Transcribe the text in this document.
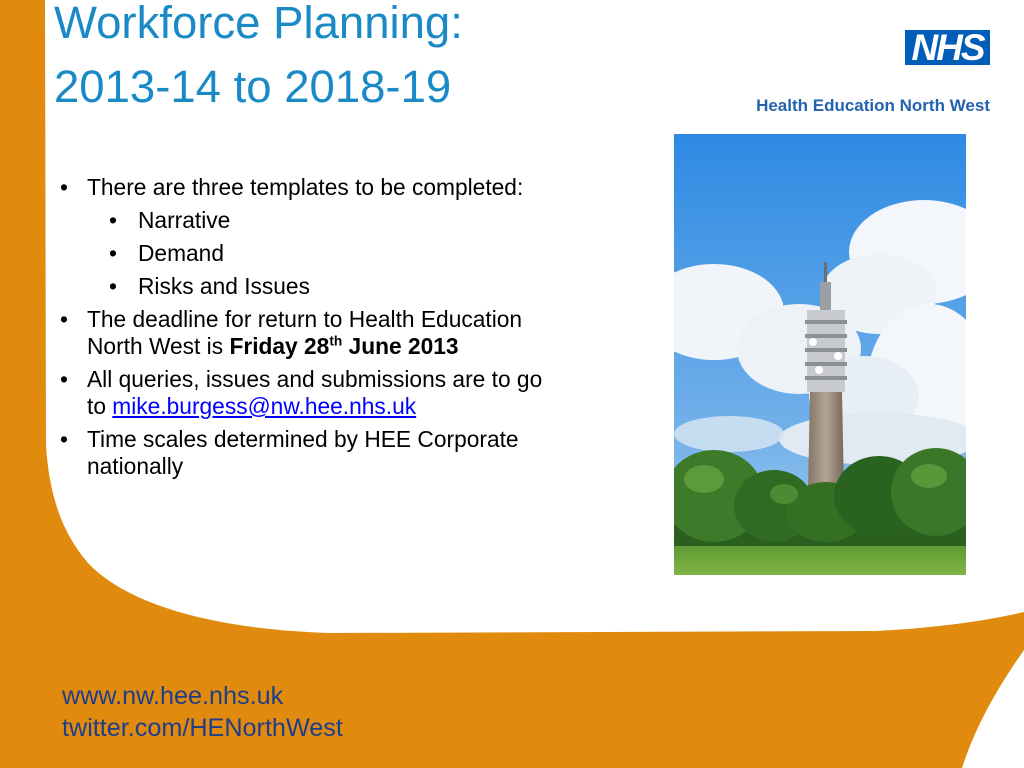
Workforce Planning:
2013-14 to 2018-19
NHS
Health Education North West
• There are three templates to be completed:
• Narrative
• Demand
• Risks and Issues
• The deadline for return to Health Education North West is Friday 28th June 2013
• All queries, issues and submissions are to go to mike.burgess@nw.hee.nhs.uk
• Time scales determined by HEE Corporate nationally
www.nw.hee.nhs.uk
twitter.com/HENorthWest
